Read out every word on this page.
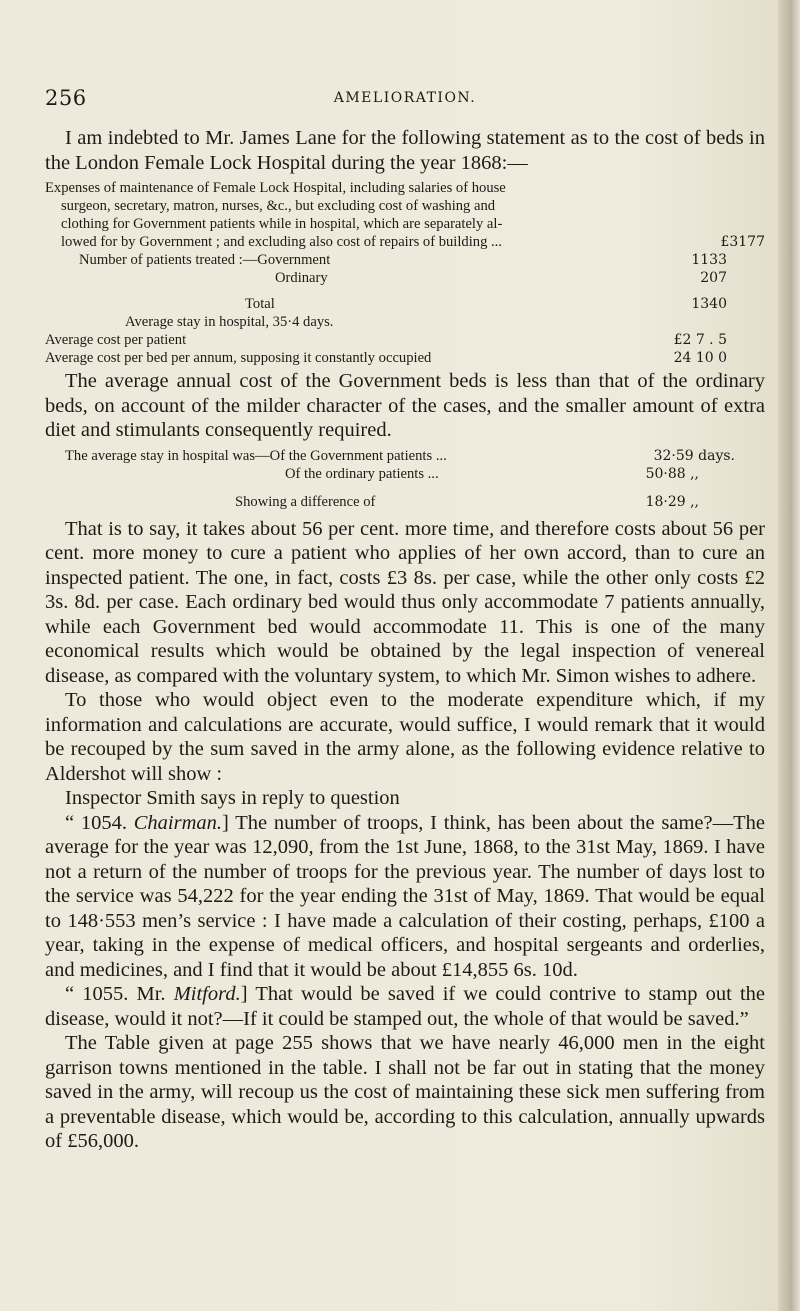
256	AMELIORATION.

I am indebted to Mr. James Lane for the following statement as to the cost of beds in the London Female Lock Hospital during the year 1868:—

Expenses of maintenance of Female Lock Hospital, including salaries of house
surgeon, secretary, matron, nurses, &c., but excluding cost of washing and
clothing for Government patients while in hospital, which are separately al-
lowed for by Government ; and excluding also cost of repairs of building ...	£3177
Number of patients treated :—Government	1133
Ordinary	207
Total	1340
Average stay in hospital, 35·4 days.
Average cost per patient	£2 7 . 5
Average cost per bed per annum, supposing it constantly occupied	24 10 0

The average annual cost of the Government beds is less than that of the ordinary beds, on account of the milder character of the cases, and the smaller amount of extra diet and stimulants consequently required.

The average stay in hospital was—Of the Government patients ...	32·59 days.
Of the ordinary patients ...	50·88 ,,
Showing a difference of	18·29 ,,

That is to say, it takes about 56 per cent. more time, and therefore costs about 56 per cent. more money to cure a patient who applies of her own accord, than to cure an inspected patient. The one, in fact, costs £3 8s. per case, while the other only costs £2 3s. 8d. per case. Each ordinary bed would thus only accommodate 7 patients annually, while each Government bed would accommodate 11. This is one of the many economical results which would be obtained by the legal inspection of venereal disease, as compared with the voluntary system, to which Mr. Simon wishes to adhere.

To those who would object even to the moderate expenditure which, if my information and calculations are accurate, would suffice, I would remark that it would be recouped by the sum saved in the army alone, as the following evidence relative to Aldershot will show :

Inspector Smith says in reply to question

“ 1054. Chairman.] The number of troops, I think, has been about the same?—The average for the year was 12,090, from the 1st June, 1868, to the 31st May, 1869. I have not a return of the number of troops for the previous year. The number of days lost to the service was 54,222 for the year ending the 31st of May, 1869. That would be equal to 148·553 men’s service : I have made a calculation of their costing, perhaps, £100 a year, taking in the expense of medical officers, and hospital sergeants and orderlies, and medicines, and I find that it would be about £14,855 6s. 10d.

“ 1055. Mr. Mitford.] That would be saved if we could contrive to stamp out the disease, would it not?—If it could be stamped out, the whole of that would be saved.”

The Table given at page 255 shows that we have nearly 46,000 men in the eight garrison towns mentioned in the table. I shall not be far out in stating that the money saved in the army, will recoup us the cost of maintaining these sick men suffering from a preventable disease, which would be, according to this calculation, annually upwards of £56,000.
